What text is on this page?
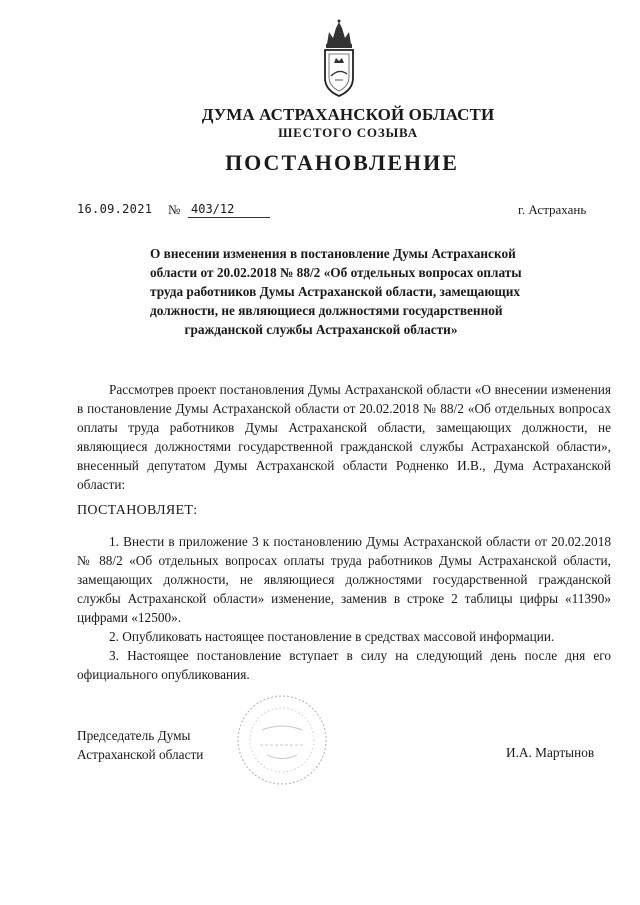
ДУМА АСТРАХАНСКОЙ ОБЛАСТИ
ШЕСТОГО СОЗЫВА
ПОСТАНОВЛЕНИЕ
16.09.2021 № 403/12	г. Астрахань
О внесении изменения в постановление Думы Астраханской
области от 20.02.2018 № 88/2 «Об отдельных вопросах оплаты
труда работников Думы Астраханской области, замещающих
должности, не являющиеся должностями государственной
гражданской службы Астраханской области»
Рассмотрев проект постановления Думы Астраханской области «О внесении изменения в постановление Думы Астраханской области от 20.02.2018 № 88/2 «Об отдельных вопросах оплаты труда работников Думы Астраханской области, замещающих должности, не являющиеся должностями государственной гражданской службы Астраханской области», внесенный депутатом Думы Астраханской области Родненко И.В., Дума Астраханской области:
ПОСТАНОВЛЯЕТ:

1. Внести в приложение 3 к постановлению Думы Астраханской области от 20.02.2018 № 88/2 «Об отдельных вопросах оплаты труда работников Думы Астраханской области, замещающих должности, не являющиеся должностями государственной гражданской службы Астраханской области» изменение, заменив в строке 2 таблицы цифры «11390» цифрами «12500».

2. Опубликовать настоящее постановление в средствах массовой информации.

3. Настоящее постановление вступает в силу на следующий день после дня его официального опубликования.

Председатель Думы
Астраханской области	И.А. Мартынов
